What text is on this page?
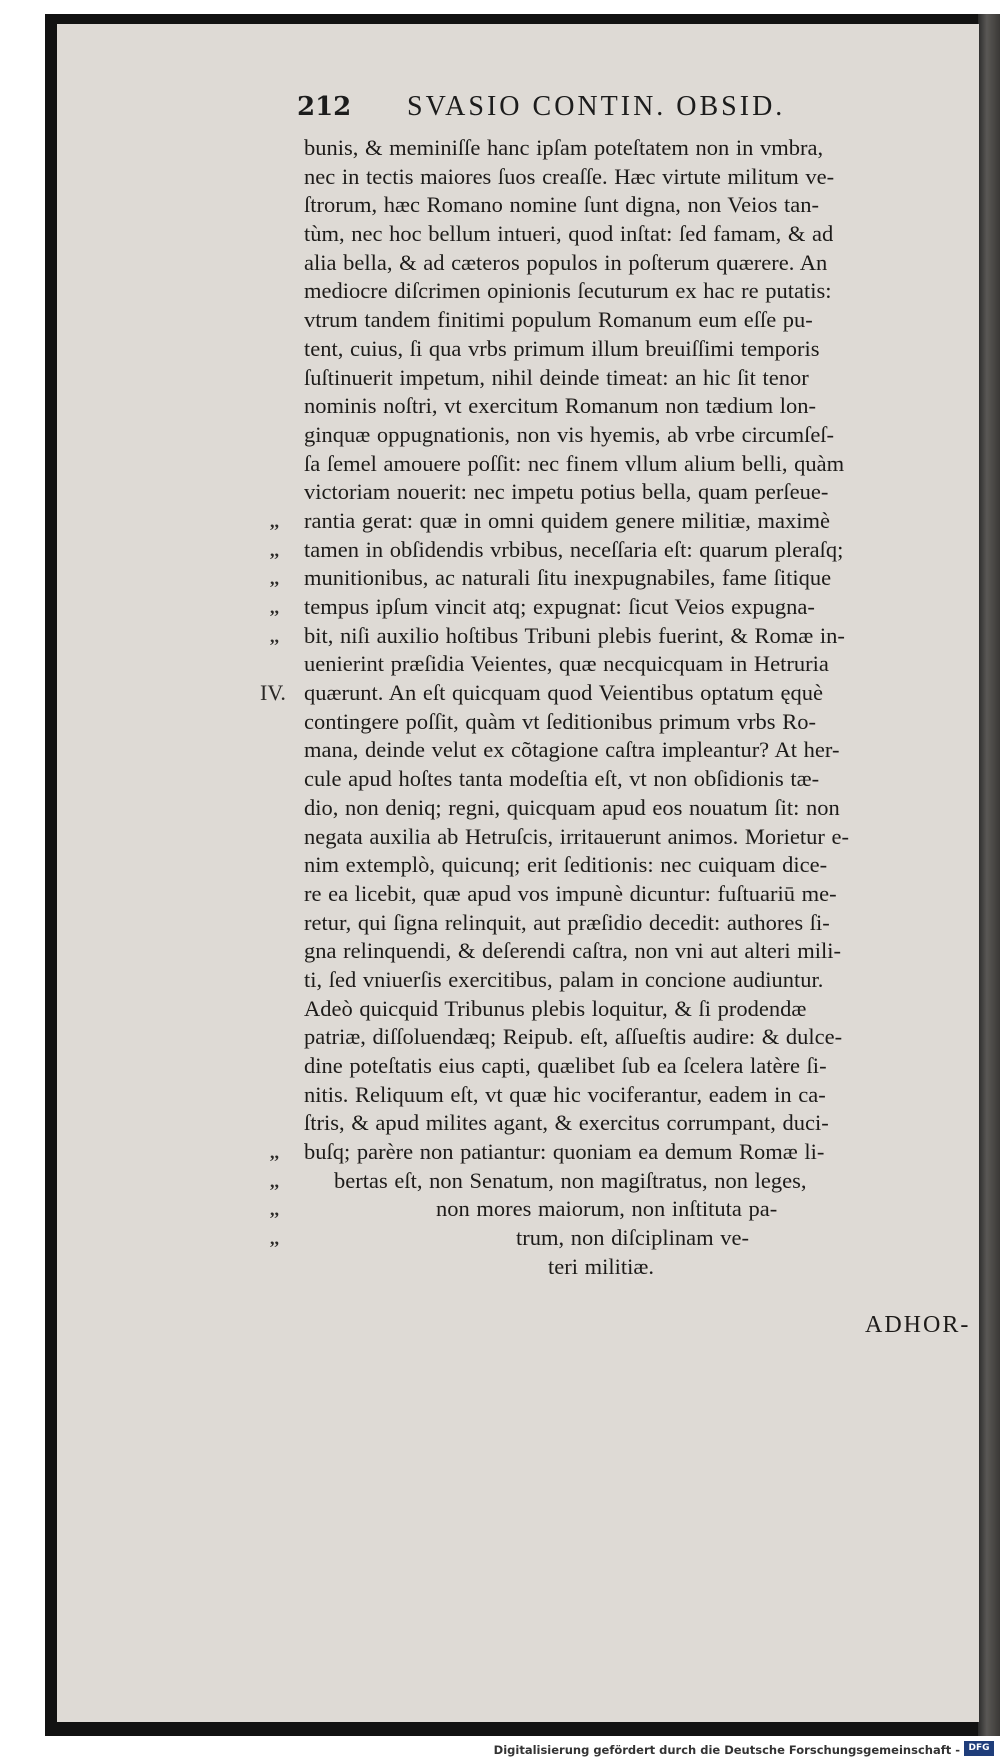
212	SVASIO CONTIN. OBSID.
bunis, & meminiſſe hanc ipſam poteſtatem non in vmbra,
nec in tectis maiores ſuos creaſſe. Hæc virtute militum ve-
ſtrorum, hæc Romano nomine ſunt digna, non Veios tan-
tùm, nec hoc bellum intueri, quod inſtat: ſed famam, & ad
alia bella, & ad cæteros populos in poſterum quærere. An
mediocre diſcrimen opinionis ſecuturum ex hac re putatis:
vtrum tandem finitimi populum Romanum eum eſſe pu-
tent, cuius, ſi qua vrbs primum illum breuiſſimi temporis
ſuſtinuerit impetum, nihil deinde timeat: an hic ſit tenor
nominis noſtri, vt exercitum Romanum non tædium lon-
ginquæ oppugnationis, non vis hyemis, ab vrbe circumſeſ-
ſa ſemel amouere poſſit: nec finem vllum alium belli, quàm
victoriam nouerit: nec impetu potius bella, quam perſeue-
,, rantia gerat: quæ in omni quidem genere militiæ, maximè
,, tamen in obſidendis vrbibus, neceſſaria eſt: quarum pleraſq;
,, munitionibus, ac naturali ſitu inexpugnabiles, fame ſitique
,, tempus ipſum vincit atq; expugnat: ſicut Veios expugna-
,, bit, niſi auxilio hoſtibus Tribuni plebis fuerint, & Romæ in-
uenierint præſidia Veientes, quæ necquicquam in Hetruria
IV. quærunt. An eſt quicquam quod Veientibus optatum ęquè
contingere poſſit, quàm vt ſeditionibus primum vrbs Ro-
mana, deinde velut ex cõtagione caſtra impleantur? At her-
cule apud hoſtes tanta modeſtia eſt, vt non obſidionis tæ-
dio, non deniq; regni, quicquam apud eos nouatum ſit: non
negata auxilia ab Hetruſcis, irritauerunt animos. Morietur e-
nim extemplò, quicunq; erit ſeditionis: nec cuiquam dice-
re ea licebit, quæ apud vos impunè dicuntur: fuſtuariū me-
retur, qui ſigna relinquit, aut præſidio decedit: authores ſi-
gna relinquendi, & deſerendi caſtra, non vni aut alteri mili-
ti, ſed vniuerſis exercitibus, palam in concione audiuntur.
Adeò quicquid Tribunus plebis loquitur, & ſi prodendæ
patriæ, diſſoluendæq; Reipub. eſt, aſſueſtis audire: & dulce-
dine poteſtatis eius capti, quælibet ſub ea ſcelera latère ſi-
nitis. Reliquum eſt, vt quæ hic vociferantur, eadem in ca-
ſtris, & apud milites agant, & exercitus corrumpant, duci-
,, buſq; parère non patiantur: quoniam ea demum Romæ li-
,, bertas eſt, non Senatum, non magiſtratus, non leges,
,,	non mores maiorum, non inſtituta pa-
,,	trum, non diſciplinam ve-
teri militiæ.
ADHOR-
Digitalisierung gefördert durch die Deutsche Forschungsgemeinschaft - DFG
